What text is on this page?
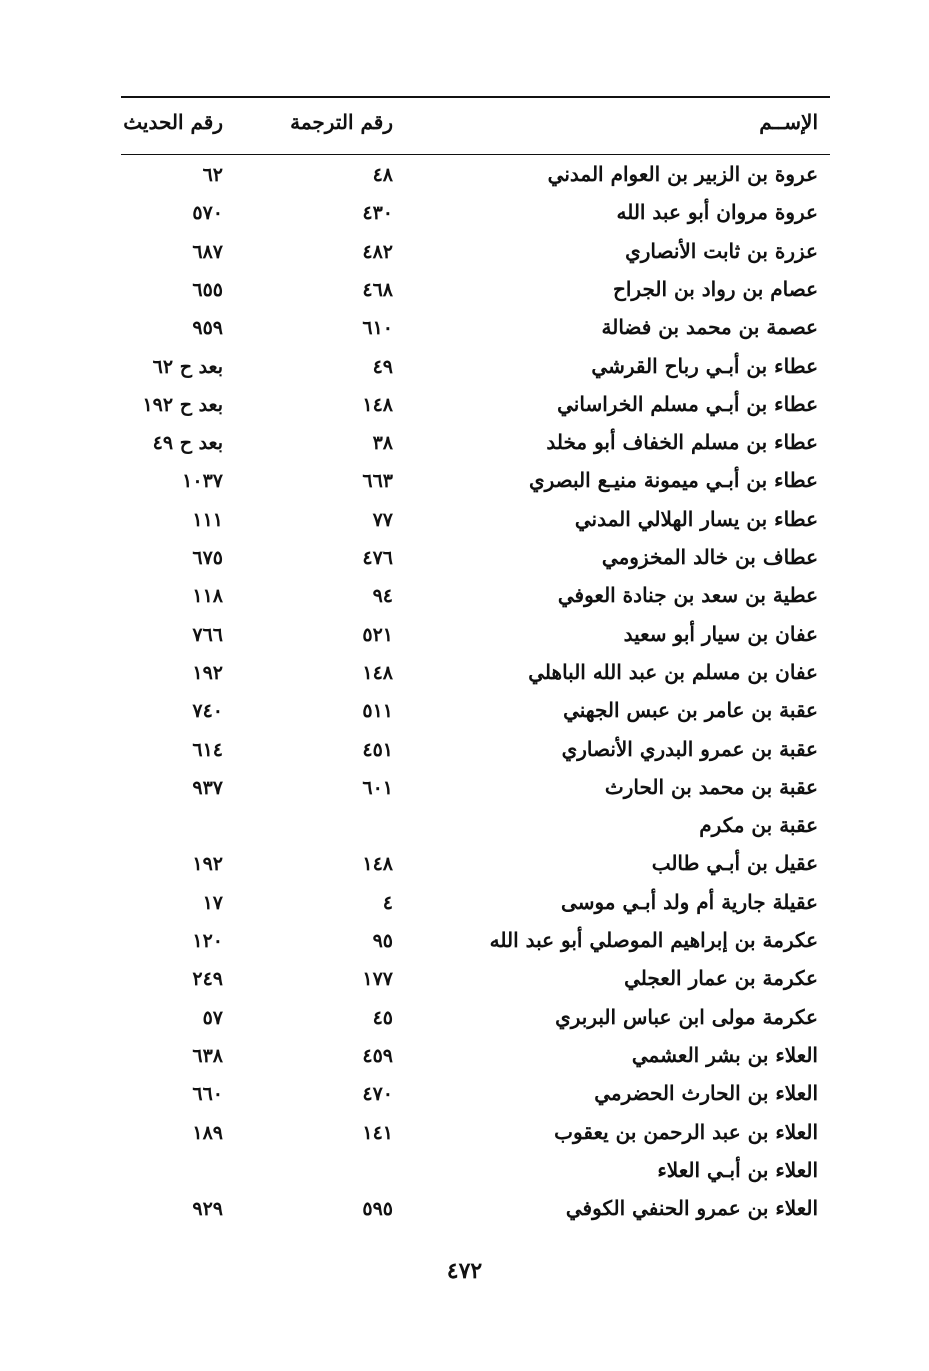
الإســم
رقم الترجمة
رقم الحديث
عروة بن الزبير بن العوام المدني
٤٨
٦٢
عروة مروان أبو عبد الله
٤٣٠
٥٧٠
عزرة بن ثابت الأنصاري
٤٨٢
٦٨٧
عصام بن رواد بن الجراح
٤٦٨
٦٥٥
عصمة بن محمد بن فضالة
٦١٠
٩٥٩
عطاء بن أبـي رباح القرشي
٤٩
بعد ح ٦٢
عطاء بن أبـي مسلم الخراساني
١٤٨
بعد ح ١٩٢
عطاء بن مسلم الخفاف أبو مخلد
٣٨
بعد ح ٤٩
عطاء بن أبـي ميمونة منيـع البصري
٦٦٣
١٠٣٧
عطاء بن يسار الهلالي المدني
٧٧
١١١
عطاف بن خالد المخزومي
٤٧٦
٦٧٥
عطية بن سعد بن جنادة العوفي
٩٤
١١٨
عفان بن سيار أبو سعيد
٥٢١
٧٦٦
عفان بن مسلم بن عبد الله الباهلي
١٤٨
١٩٢
عقبة بن عامر بن عبس الجهني
٥١١
٧٤٠
عقبة بن عمرو البدري الأنصاري
٤٥١
٦١٤
عقبة بن محمد بن الحارث
٦٠١
٩٣٧
عقبة بن مكرم
عقيل بن أبـي طالب
١٤٨
١٩٢
عقيلة جارية أم ولد أبـي موسى
٤
١٧
عكرمة بن إبراهيم الموصلي أبو عبد الله
٩٥
١٢٠
عكرمة بن عمار العجلي
١٧٧
٢٤٩
عكرمة مولى ابن عباس البربري
٤٥
٥٧
العلاء بن بشر العشمي
٤٥٩
٦٣٨
العلاء بن الحارث الحضرمي
٤٧٠
٦٦٠
العلاء بن عبد الرحمن بن يعقوب
١٤١
١٨٩
العلاء بن أبـي العلاء
العلاء بن عمرو الحنفي الكوفي
٥٩٥
٩٢٩
٤٧٢
